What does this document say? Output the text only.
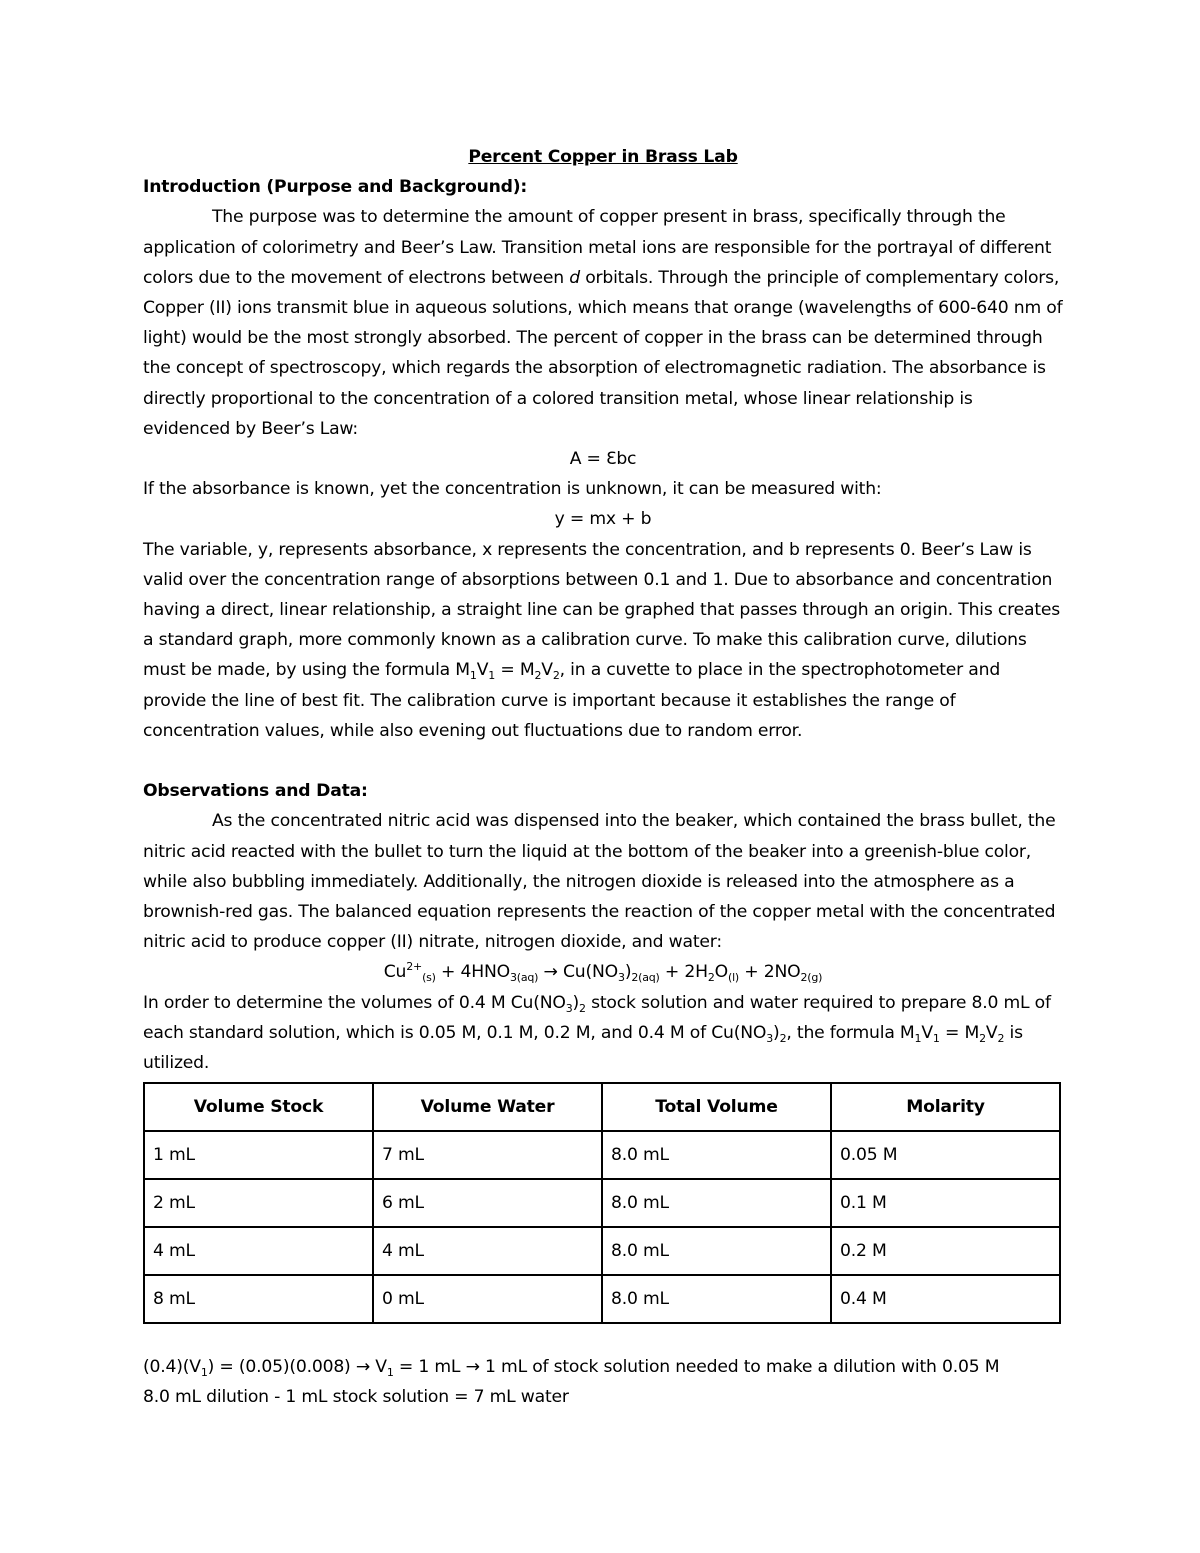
Percent Copper in Brass Lab
Introduction (Purpose and Background):

The purpose was to determine the amount of copper present in brass, specifically through the application of colorimetry and Beer’s Law. Transition metal ions are responsible for the portrayal of different colors due to the movement of electrons between d orbitals. Through the principle of complementary colors, Copper (II) ions transmit blue in aqueous solutions, which means that orange (wavelengths of 600-640 nm of light) would be the most strongly absorbed. The percent of copper in the brass can be determined through the concept of spectroscopy, which regards the absorption of electromagnetic radiation. The absorbance is directly proportional to the concentration of a colored transition metal, whose linear relationship is evidenced by Beer’s Law:

A = Ɛbc

If the absorbance is known, yet the concentration is unknown, it can be measured with:

y = mx + b

The variable, y, represents absorbance, x represents the concentration, and b represents 0. Beer’s Law is valid over the concentration range of absorptions between 0.1 and 1. Due to absorbance and concentration having a direct, linear relationship, a straight line can be graphed that passes through an origin. This creates a standard graph, more commonly known as a calibration curve. To make this calibration curve, dilutions must be made, by using the formula $M_1V_1 = M_2V_2$, in a cuvette to place in the spectrophotometer and provide the line of best fit. The calibration curve is important because it establishes the range of concentration values, while also evening out fluctuations due to random error.

Observations and Data:

As the concentrated nitric acid was dispensed into the beaker, which contained the brass bullet, the nitric acid reacted with the bullet to turn the liquid at the bottom of the beaker into a greenish-blue color, while also bubbling immediately. Additionally, the nitrogen dioxide is released into the atmosphere as a brownish-red gas. The balanced equation represents the reaction of the copper metal with the concentrated nitric acid to produce copper (II) nitrate, nitrogen dioxide, and water:

$Cu^{2+}_{(s)} + 4HNO_{3(aq)} \to Cu(NO_3)_{2(aq)} + 2H_2O_{(l)} + 2NO_{2(g)}$

In order to determine the volumes of 0.4 M $Cu(NO_3)_2$ stock solution and water required to prepare 8.0 mL of each standard solution, which is 0.05 M, 0.1 M, 0.2 M, and 0.4 M of $Cu(NO_3)_2$, the formula $M_1V_1 = M_2V_2$ is utilized.

Volume Stock	Volume Water	Total Volume	Molarity
1 mL	7 mL	8.0 mL	0.05 M
2 mL	6 mL	8.0 mL	0.1 M
4 mL	4 mL	8.0 mL	0.2 M
8 mL	0 mL	8.0 mL	0.4 M

$(0.4)(V_1) = (0.05)(0.008) \to V_1 = 1$ mL → 1 mL of stock solution needed to make a dilution with 0.05 M

8.0 mL dilution - 1 mL stock solution = 7 mL water
